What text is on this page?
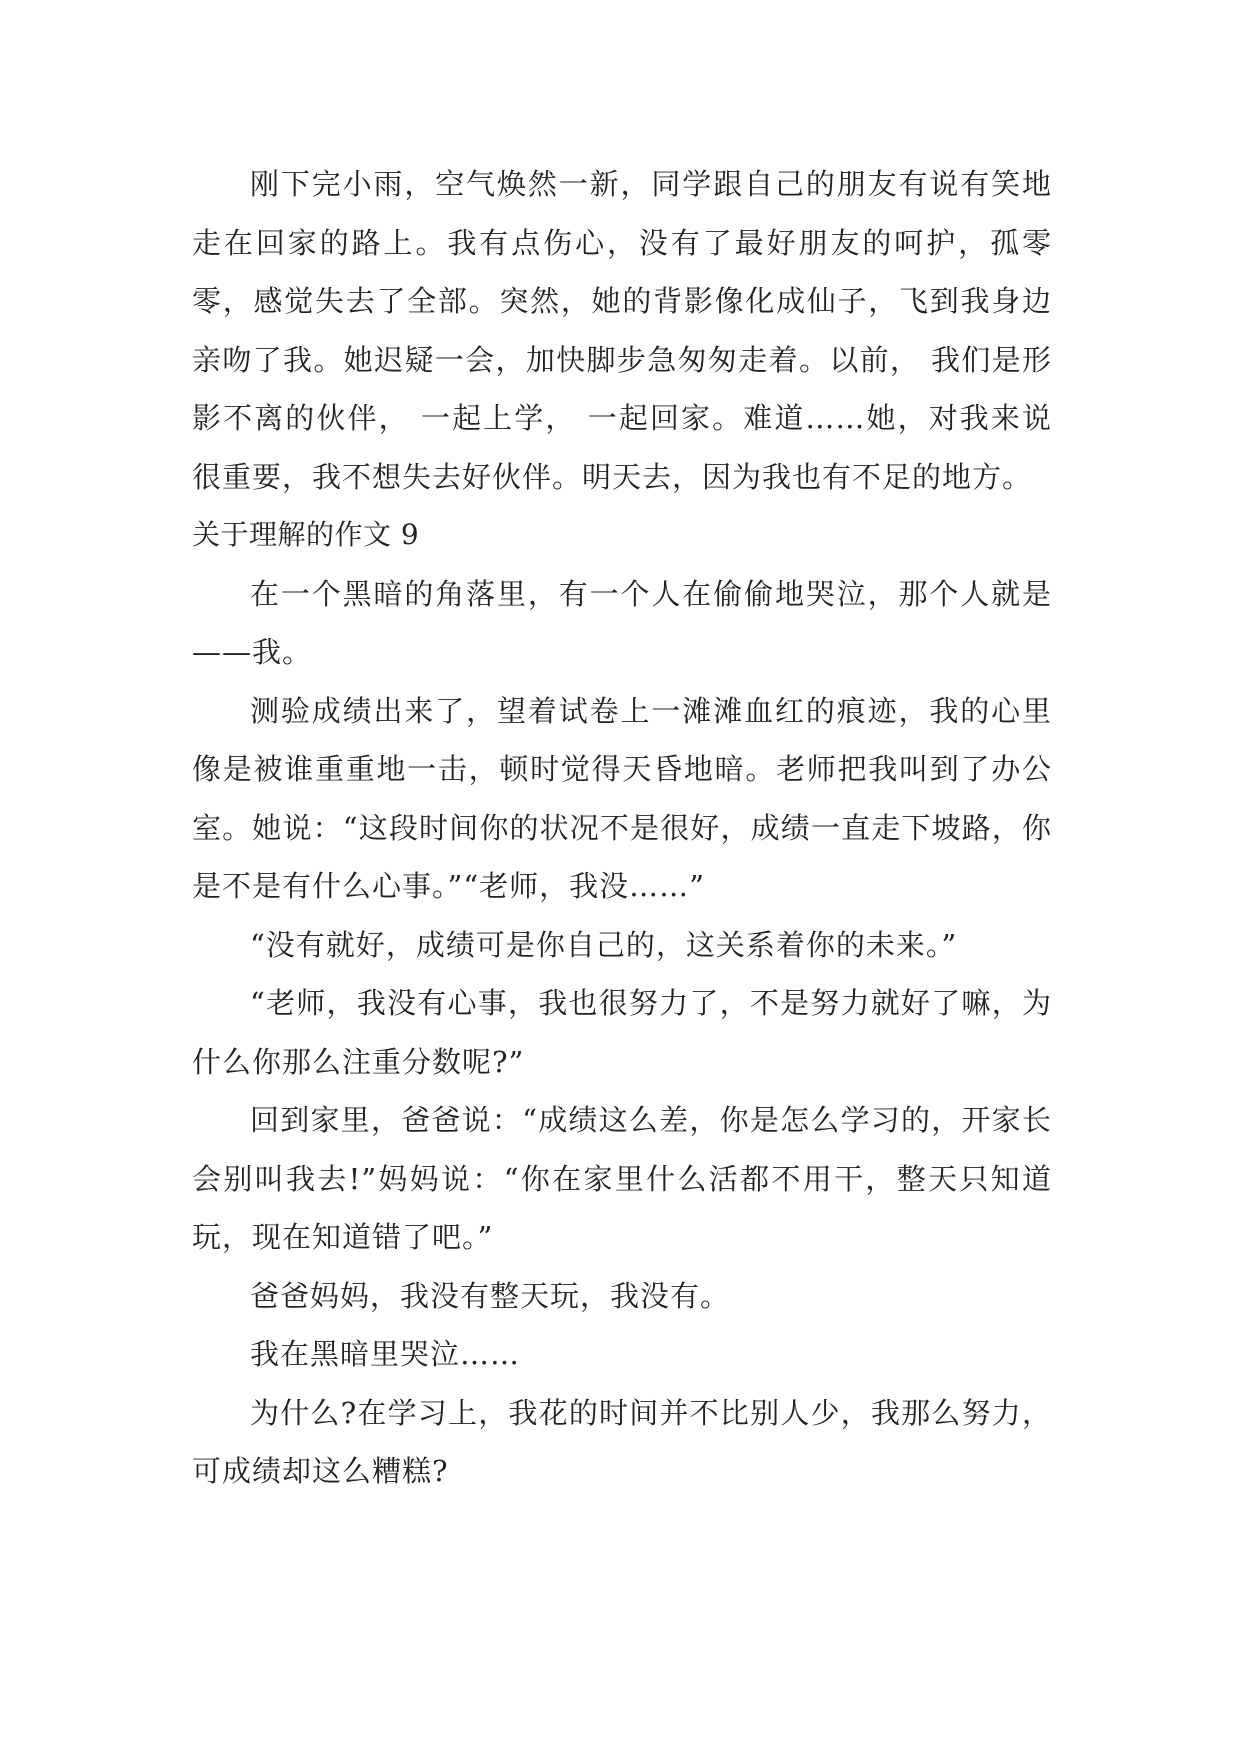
刚下完小雨，空气焕然一新，同学跟自己的朋友有说有笑地走在回家的路上。我有点伤心，没有了最好朋友的呵护，孤零零，感觉失去了全部。突然，她的背影像化成仙子，飞到我身边亲吻了我。她迟疑一会，加快脚步急匆匆走着。以前， 我们是形影不离的伙伴， 一起上学， 一起回家。难道……她，对我来说很重要，我不想失去好伙伴。明天去，因为我也有不足的地方。

关于理解的作文 9

在一个黑暗的角落里，有一个人在偷偷地哭泣，那个人就是——我。

测验成绩出来了，望着试卷上一滩滩血红的痕迹，我的心里像是被谁重重地一击，顿时觉得天昏地暗。老师把我叫到了办公室。她说：“这段时间你的状况不是很好，成绩一直走下坡路，你是不是有什么心事。”“老师，我没……”

“没有就好，成绩可是你自己的，这关系着你的未来。”

“老师，我没有心事，我也很努力了，不是努力就好了嘛，为什么你那么注重分数呢?”

回到家里，爸爸说：“成绩这么差，你是怎么学习的，开家长会别叫我去!”妈妈说：“你在家里什么活都不用干，整天只知道玩，现在知道错了吧。”

爸爸妈妈，我没有整天玩，我没有。

我在黑暗里哭泣……

为什么?在学习上，我花的时间并不比别人少，我那么努力，可成绩却这么糟糕?
